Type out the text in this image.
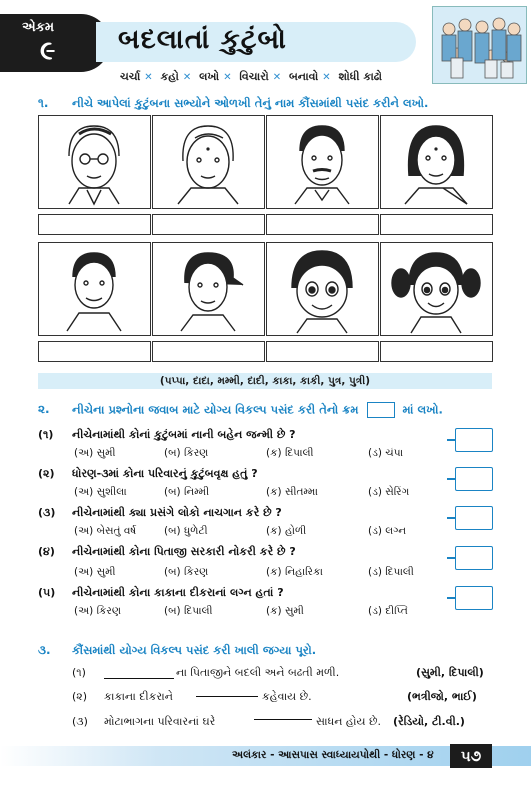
એકમ
૯ બદલાતાં કુટુંબો
ચર્ચા ✕ કહો ✕ લખો ✕ વિચારો ✕ બનાવો ✕ શોધી કાઢો
૧. નીચે આપેલાં કુટુંબના સભ્યોને ઓળખી તેનું નામ કૌંસમાંથી પસંદ કરીને લખો.
(પપ્પા, દાદા, મમ્મી, દાદી, કાકા, કાકી, પુત્ર, પુત્રી)
૨. નીચેના પ્રશ્નોના જવાબ માટે યોગ્ય વિકલ્પ પસંદ કરી તેનો ક્રમ	માં લખો.
(૧) નીચેનામાંથી કોનાં કુટુંબમાં નાની બહેન જન્મી છે ?
(અ) સુમી	(બ) કિરણ	(ક) દિપાલી	(ડ) ચંપા
(૨) ધોરણ-૩માં કોના પરિવારનું કુટુંબવૃક્ષ હતું ?
(અ) સુશીલા	(બ) નિમ્મી	(ક) સીતમ્મા	(ડ) સેરિંગ
(૩) નીચેનામાંથી ક્યા પ્રસંગે લોકો નાચગાન કરે છે ?
(અ) બેસતું વર્ષ	(બ) ધુળેટી	(ક) હોળી	(ડ) લગ્ન
(૪) નીચેનામાંથી કોના પિતાજી સરકારી નોકરી કરે છે ?
(અ) સુમી	(બ) કિરણ	(ક) નિહારિકા	(ડ) દિપાલી
(૫) નીચેનામાંથી કોના કાકાના દીકરાનાં લગ્ન હતાં ?
(અ) કિરણ	(બ) દિપાલી	(ક) સુમી	(ડ) દીપ્તિ
૩. કૌંસમાંથી યોગ્ય વિકલ્પ પસંદ કરી ખાલી જગ્યા પૂરો.
(૧)	ના પિતાજીને બદલી અને બઢતી મળી.	(સુમી, દિપાલી)
(૨) કાકાના દીકરાને	કહેવાય છે.	(ભત્રીજો, ભાઈ)
(૩) મોટાભાગના પરિવારનાં ઘરે	સાધન હોય છે. (રેડિયો, ટી.વી.)
અલંકાર - આસપાસ સ્વાધ્યાયપોથી - ધોરણ - ૪	૫૭
